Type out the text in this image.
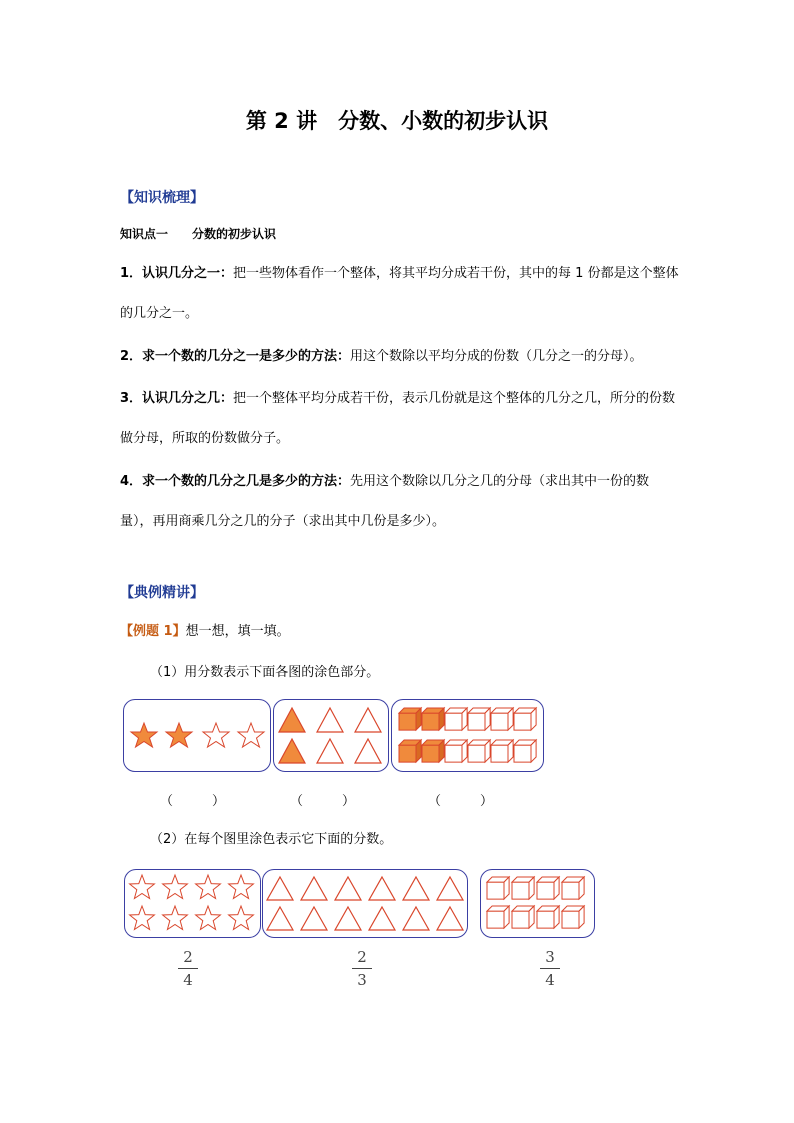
第 2 讲　分数、小数的初步认识
【知识梳理】
知识点一　　分数的初步认识
1．认识几分之一：把一些物体看作一个整体，将其平均分成若干份，其中的每 1 份都是这个整体的几分之一。
2．求一个数的几分之一是多少的方法：用这个数除以平均分成的份数（几分之一的分母）。
3．认识几分之几：把一个整体平均分成若干份，表示几份就是这个整体的几分之几，所分的份数做分母，所取的份数做分子。
4．求一个数的几分之几是多少的方法：先用这个数除以几分之几的分母（求出其中一份的数量），再用商乘几分之几的分子（求出其中几份是多少）。
【典例精讲】
【例题 1】想一想，填一填。
（1）用分数表示下面各图的涂色部分。
（　　　）	（　　　）	（　　　）
（2）在每个图里涂色表示它下面的分数。
2
4
2
3
3
4
